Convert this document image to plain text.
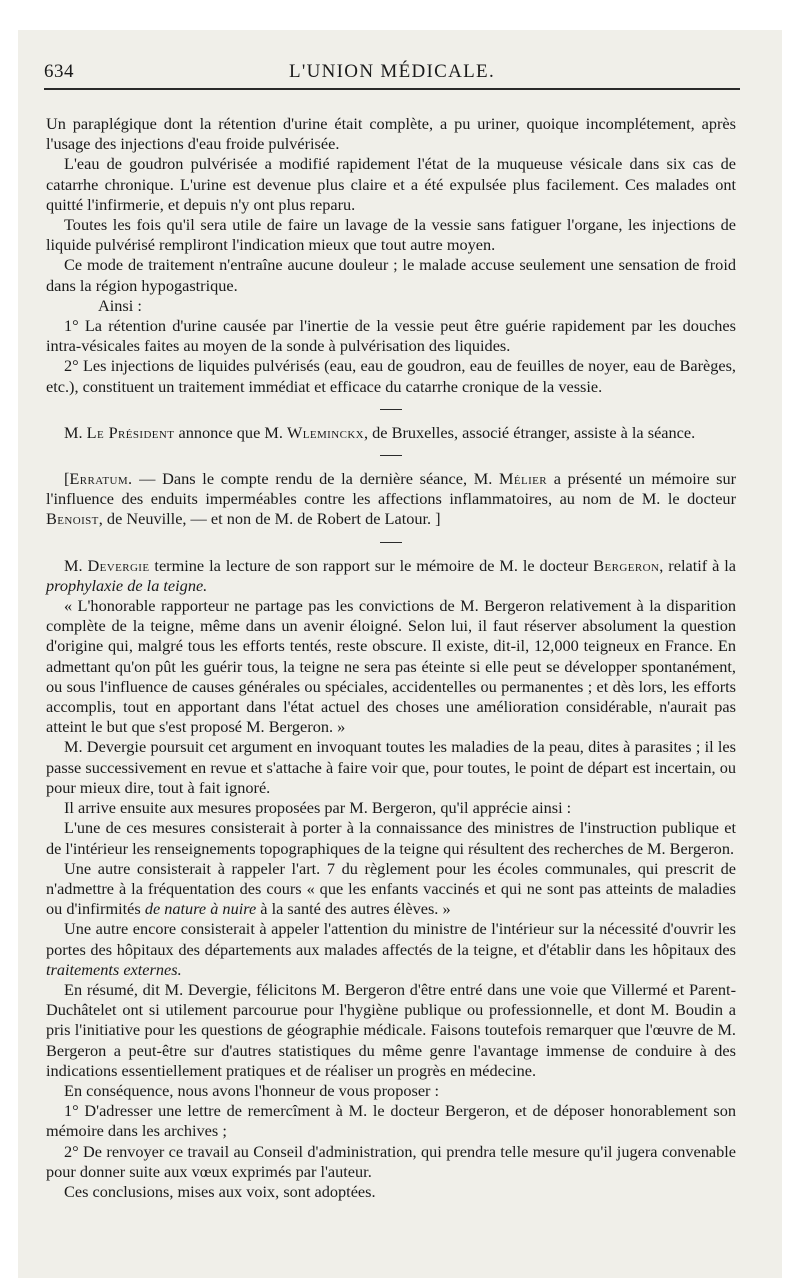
634	L'UNION MÉDICALE.

Un paraplégique dont la rétention d'urine était complète, a pu uriner, quoique incomplétement, après l'usage des injections d'eau froide pulvérisée.

L'eau de goudron pulvérisée a modifié rapidement l'état de la muqueuse vésicale dans six cas de catarrhe chronique. L'urine est devenue plus claire et a été expulsée plus facilement. Ces malades ont quitté l'infirmerie, et depuis n'y ont plus reparu.

Toutes les fois qu'il sera utile de faire un lavage de la vessie sans fatiguer l'organe, les injections de liquide pulvérisé rempliront l'indication mieux que tout autre moyen.

Ce mode de traitement n'entraîne aucune douleur ; le malade accuse seulement une sensation de froid dans la région hypogastrique.

Ainsi :

1° La rétention d'urine causée par l'inertie de la vessie peut être guérie rapidement par les douches intra-vésicales faites au moyen de la sonde à pulvérisation des liquides.

2° Les injections de liquides pulvérisés (eau, eau de goudron, eau de feuilles de noyer, eau de Barèges, etc.), constituent un traitement immédiat et efficace du catarrhe cronique de la vessie.

M. Le Président annonce que M. Wleminckx, de Bruxelles, associé étranger, assiste à la séance.

[Erratum. — Dans le compte rendu de la dernière séance, M. Mélier a présenté un mémoire sur l'influence des enduits imperméables contre les affections inflammatoires, au nom de M. le docteur Benoist, de Neuville, — et non de M. de Robert de Latour. ]

M. Devergie termine la lecture de son rapport sur le mémoire de M. le docteur Bergeron, relatif à la prophylaxie de la teigne.

« L'honorable rapporteur ne partage pas les convictions de M. Bergeron relativement à la disparition complète de la teigne, même dans un avenir éloigné. Selon lui, il faut réserver absolument la question d'origine qui, malgré tous les efforts tentés, reste obscure. Il existe, dit-il, 12,000 teigneux en France. En admettant qu'on pût les guérir tous, la teigne ne sera pas éteinte si elle peut se développer spontanément, ou sous l'influence de causes générales ou spéciales, accidentelles ou permanentes ; et dès lors, les efforts accomplis, tout en apportant dans l'état actuel des choses une amélioration considérable, n'aurait pas atteint le but que s'est proposé M. Bergeron. »

M. Devergie poursuit cet argument en invoquant toutes les maladies de la peau, dites à parasites ; il les passe successivement en revue et s'attache à faire voir que, pour toutes, le point de départ est incertain, ou pour mieux dire, tout à fait ignoré.

Il arrive ensuite aux mesures proposées par M. Bergeron, qu'il apprécie ainsi :

L'une de ces mesures consisterait à porter à la connaissance des ministres de l'instruction publique et de l'intérieur les renseignements topographiques de la teigne qui résultent des recherches de M. Bergeron.

Une autre consisterait à rappeler l'art. 7 du règlement pour les écoles communales, qui prescrit de n'admettre à la fréquentation des cours « que les enfants vaccinés et qui ne sont pas atteints de maladies ou d'infirmités de nature à nuire à la santé des autres élèves. »

Une autre encore consisterait à appeler l'attention du ministre de l'intérieur sur la nécessité d'ouvrir les portes des hôpitaux des départements aux malades affectés de la teigne, et d'établir dans les hôpitaux des traitements externes.

En résumé, dit M. Devergie, félicitons M. Bergeron d'être entré dans une voie que Villermé et Parent-Duchâtelet ont si utilement parcourue pour l'hygiène publique ou professionnelle, et dont M. Boudin a pris l'initiative pour les questions de géographie médicale. Faisons toutefois remarquer que l'œuvre de M. Bergeron a peut-être sur d'autres statistiques du même genre l'avantage immense de conduire à des indications essentiellement pratiques et de réaliser un progrès en médecine.

En conséquence, nous avons l'honneur de vous proposer :

1° D'adresser une lettre de remercîment à M. le docteur Bergeron, et de déposer honorablement son mémoire dans les archives ;

2° De renvoyer ce travail au Conseil d'administration, qui prendra telle mesure qu'il jugera convenable pour donner suite aux vœux exprimés par l'auteur.

Ces conclusions, mises aux voix, sont adoptées.
